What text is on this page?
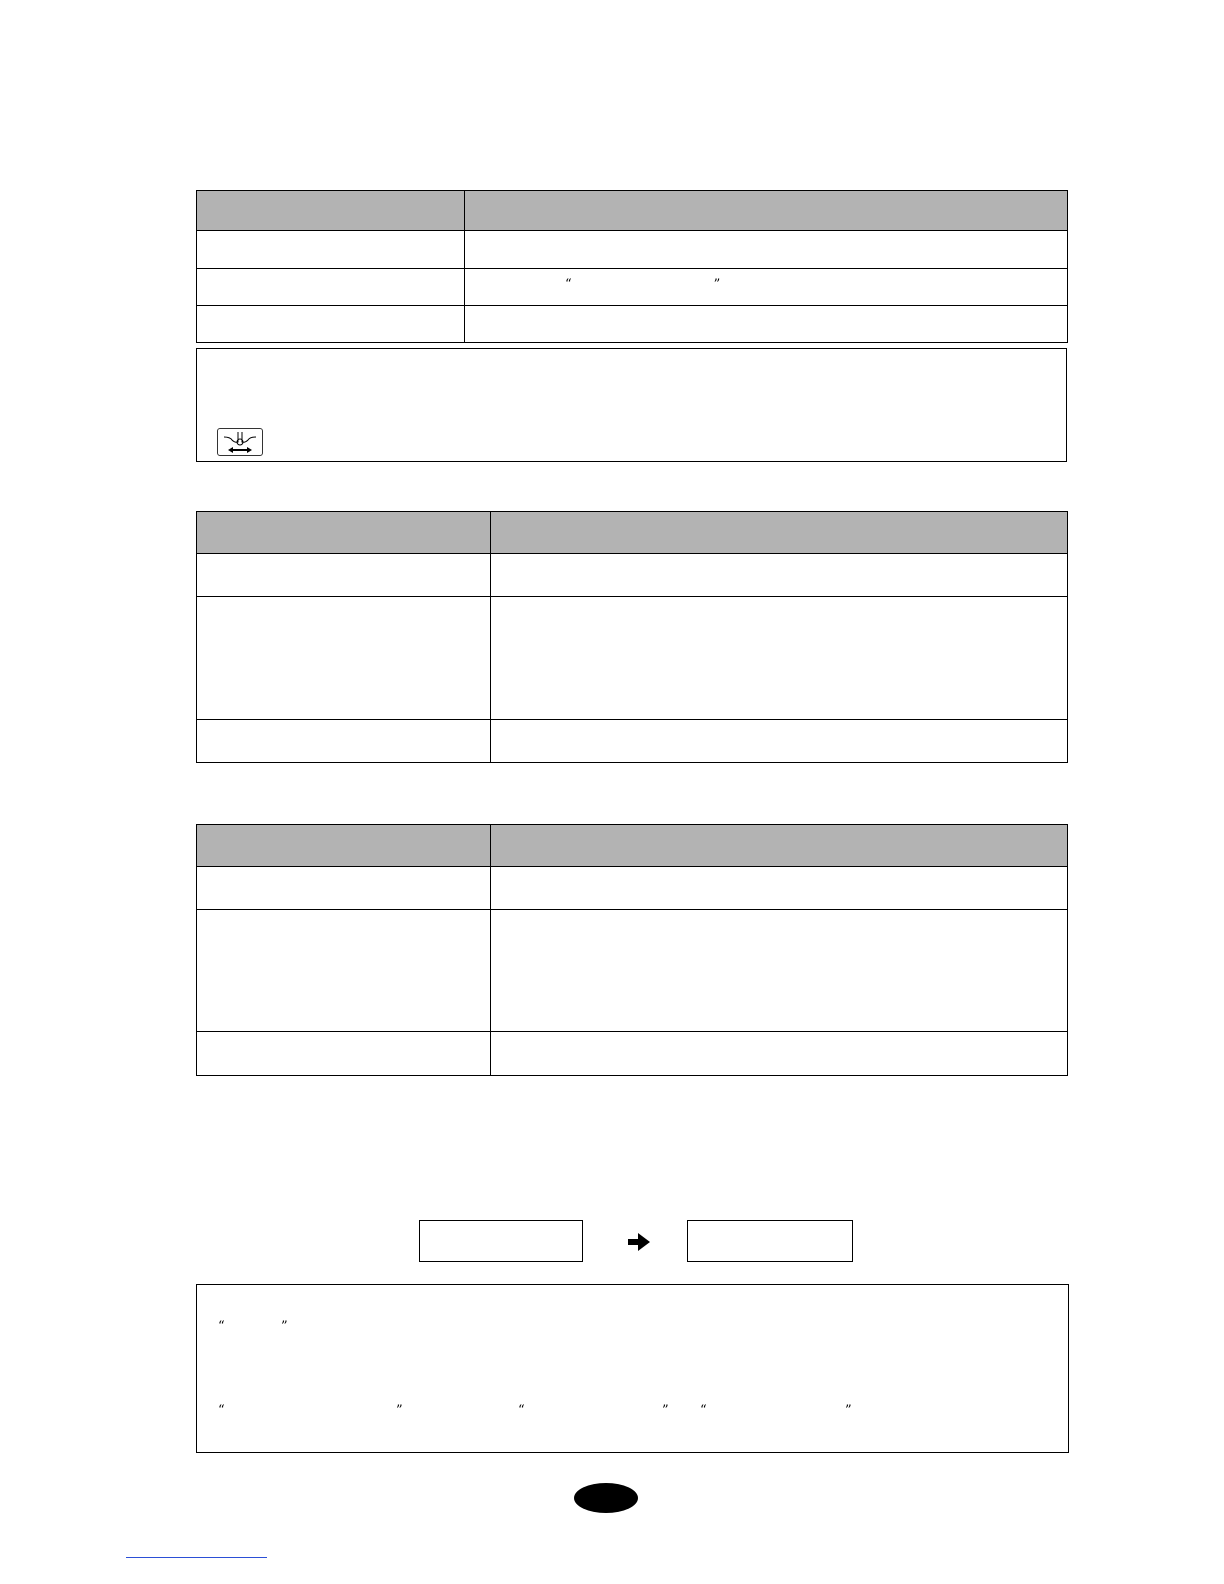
	“ ”

“	”
“	”	“	” “	”
